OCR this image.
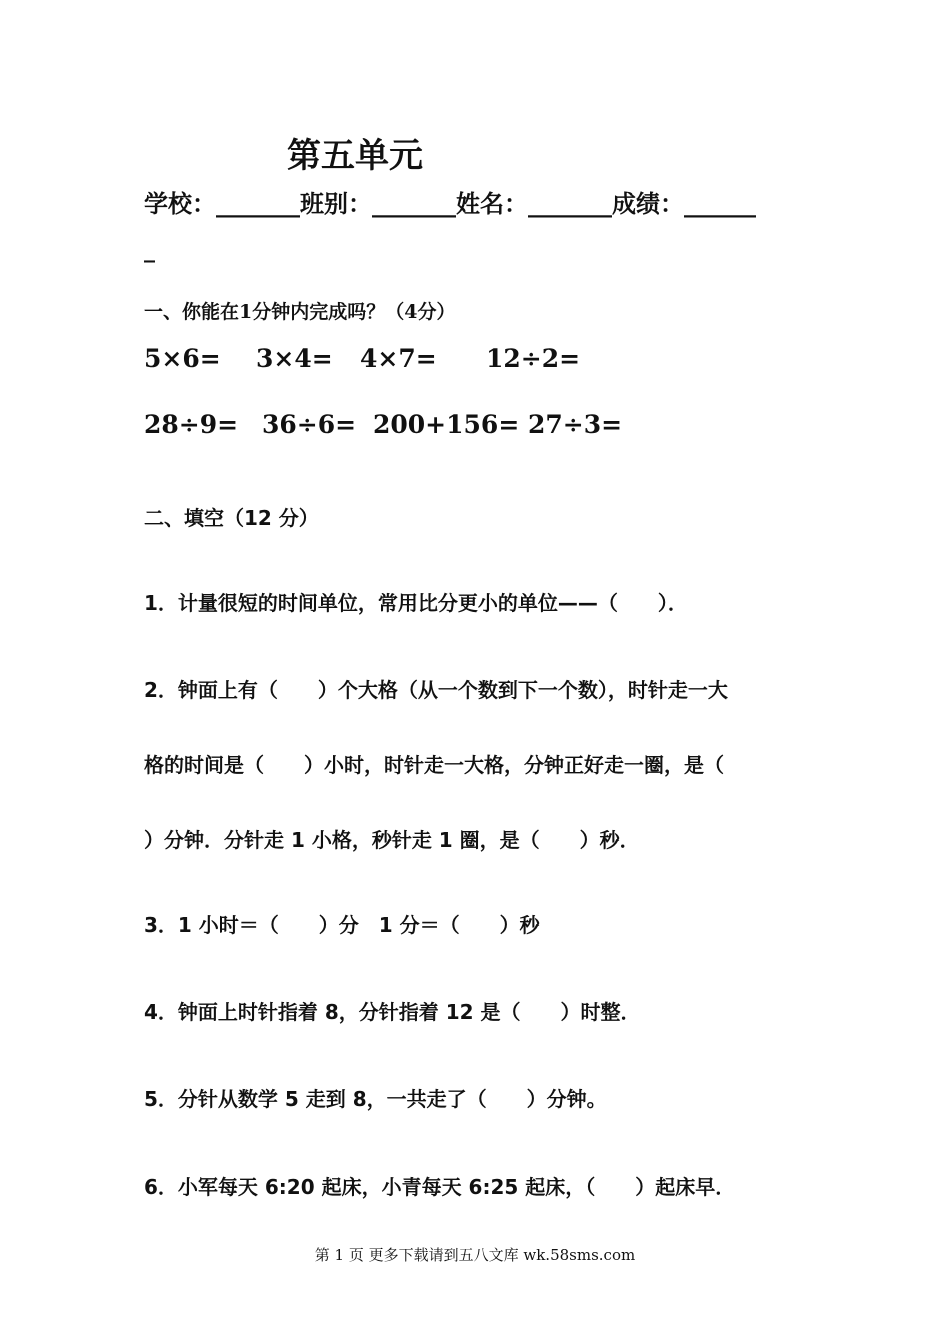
第五单元
学校：_______班别：_______姓名：_______成绩：______
_
一、你能在1分钟内完成吗？（4分）
5×6= 3×4= 4×7= 12÷2=
28÷9= 36÷6= 200+156= 27÷3=
二、填空（12 分）
1．计量很短的时间单位，常用比分更小的单位——（　　）．
2．钟面上有（　　）个大格（从一个数到下一个数），时针走一大
格的时间是（　　）小时，时针走一大格，分钟正好走一圈，是（
）分钟．分针走 1 小格，秒针走 1 圈，是（　　）秒．
3．1 小时＝（　　）分　1 分＝（　　）秒
4．钟面上时针指着 8，分针指着 12 是（　　）时整．
5．分针从数学 5 走到 8，一共走了（　　）分钟。
6．小军每天 6:20 起床，小青每天 6:25 起床，（　　）起床早．
第 1 页 更多下载请到五八文库 wk.58sms.com
